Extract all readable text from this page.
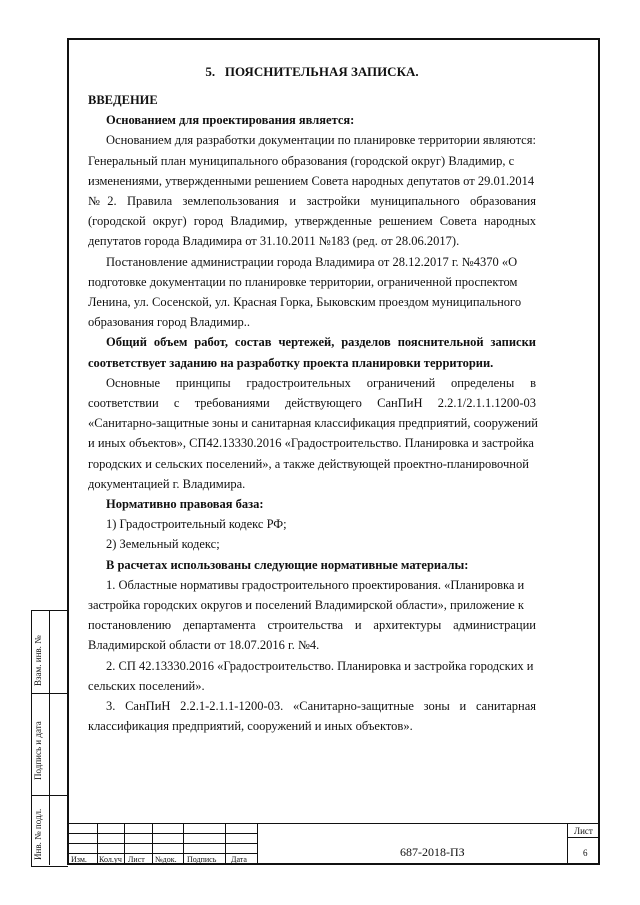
5.   ПОЯСНИТЕЛЬНАЯ ЗАПИСКА.
ВВЕДЕНИЕ
Основанием для проектирования является:
Основанием для разработки документации по планировке территории являются:
Генеральный план муниципального образования (городской округ) Владимир, с
изменениями, утвержденными решением Совета народных депутатов от 29.01.2014
№2. Правила землепользования и застройки муниципального образования
(городской округ) город Владимир, утвержденные решением Совета народных
депутатов города Владимира от 31.10.2011 №183 (ред. от 28.06.2017).
Постановление администрации города Владимира от 28.12.2017 г. №4370 «О
подготовке документации по планировке территории, ограниченной проспектом
Ленина, ул. Сосенской, ул. Красная Горка, Быковским проездом муниципального
образования город Владимир..
Общий объем работ, состав чертежей, разделов пояснительной записки
соответствует заданию на разработку проекта планировки территории.
Основные принципы градостроительных ограничений определены в
соответствии с требованиями действующего СанПиН 2.2.1/2.1.1.1200-03
«Санитарно-защитные зоны и санитарная классификация предприятий, сооружений
и иных объектов», СП42.13330.2016 «Градостроительство. Планировка и застройка
городских и сельских поселений», а также действующей проектно-планировочной
документацией г. Владимира.
Нормативно правовая база:
1) Градостроительный кодекс РФ;
2) Земельный кодекс;
В расчетах использованы следующие нормативные материалы:
1. Областные нормативы градостроительного проектирования. «Планировка и
застройка городских округов и поселений Владимирской области», приложение к
постановлению департамента строительства и архитектуры администрации
Владимирской области от 18.07.2016 г. №4.
2. СП 42.13330.2016 «Градостроительство. Планировка и застройка городских и
сельских поселений».
3. СанПиН 2.2.1-2.1.1-1200-03. «Санитарно-защитные зоны и санитарная
классификация предприятий, сооружений и иных объектов».
Взам. инв. №
Подпись и дата
Инв. № подл.	Изм. Кол.уч Лист №док. Подпись Дата
687-2018-ПЗ
Лист
6
